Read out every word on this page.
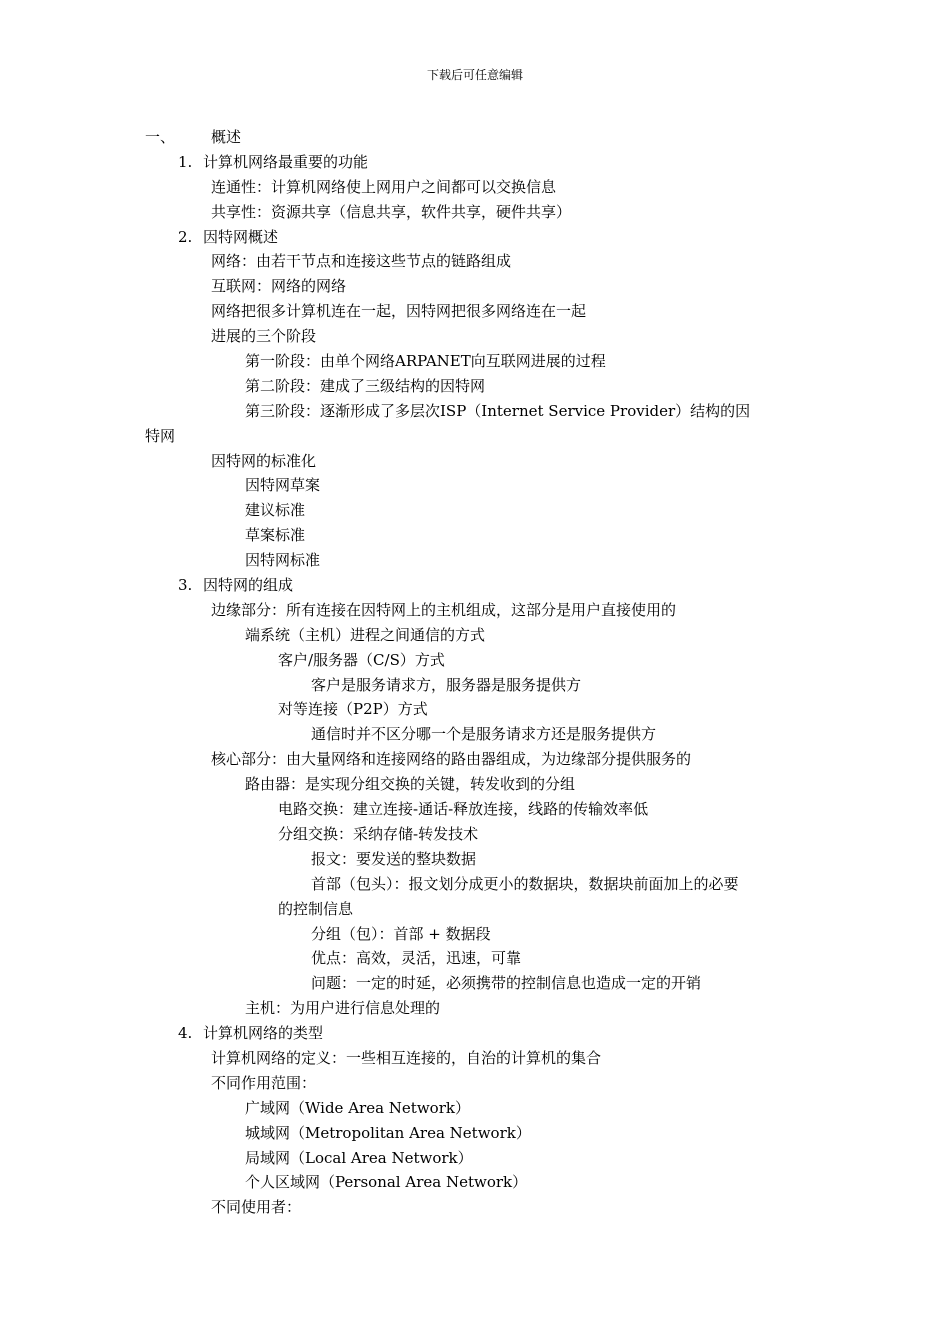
下载后可任意编辑
一、 概述
1. 计算机网络最重要的功能
连通性：计算机网络使上网用户之间都可以交换信息
共享性：资源共享（信息共享，软件共享，硬件共享）
2. 因特网概述
网络：由若干节点和连接这些节点的链路组成
互联网：网络的网络
网络把很多计算机连在一起，因特网把很多网络连在一起
进展的三个阶段
第一阶段：由单个网络ARPANET向互联网进展的过程
第二阶段：建成了三级结构的因特网
第三阶段：逐渐形成了多层次ISP（Internet Service Provider）结构的因
特网
因特网的标准化
因特网草案
建议标准
草案标准
因特网标准
3. 因特网的组成
边缘部分：所有连接在因特网上的主机组成，这部分是用户直接使用的
端系统（主机）进程之间通信的方式
客户/服务器（C/S）方式
客户是服务请求方，服务器是服务提供方
对等连接（P2P）方式
通信时并不区分哪一个是服务请求方还是服务提供方
核心部分：由大量网络和连接网络的路由器组成，为边缘部分提供服务的
路由器：是实现分组交换的关键，转发收到的分组
电路交换：建立连接-通话-释放连接，线路的传输效率低
分组交换：采纳存储-转发技术
报文：要发送的整块数据
首部（包头）：报文划分成更小的数据块，数据块前面加上的必要
的控制信息
分组（包）：首部 + 数据段
优点：高效，灵活，迅速，可靠
问题：一定的时延，必须携带的控制信息也造成一定的开销
主机：为用户进行信息处理的
4. 计算机网络的类型
计算机网络的定义：一些相互连接的，自治的计算机的集合
不同作用范围：
广域网（Wide Area Network）
城域网（Metropolitan Area Network）
局域网（Local Area Network）
个人区域网（Personal Area Network）
不同使用者：
